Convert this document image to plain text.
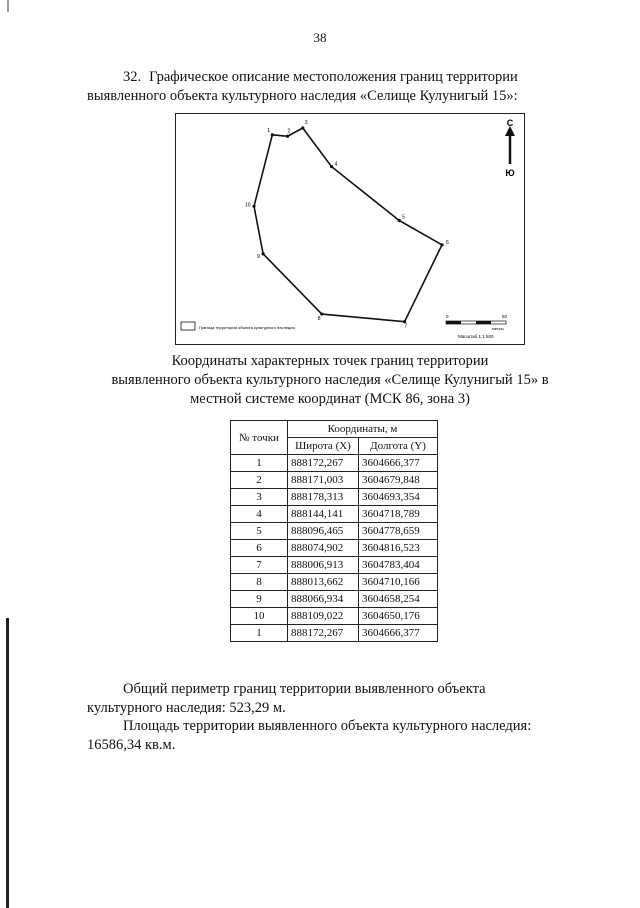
38
32. Графическое описание местоположения границ территории
выявленного объекта культурного наследия «Селище Кулунигый 15»:
1	2
3
4
5
6
7
8
9
10
С
Ю
Граница территории объекта культурного наследия
0	50
метры
Масштаб 1:1 500
Координаты характерных точек границ территории
выявленного объекта культурного наследия «Селище Кулунигый 15» в
местной системе координат (МСК 86, зона 3)
№ точки	Координаты, м	
	Широта (X)	Долгота (Y)
1	888172,267	3604666,377
2	888171,003	3604679,848
3	888178,313	3604693,354
4	888144,141	3604718,789
5	888096,465	3604778,659
6	888074,902	3604816,523
7	888006,913	3604783,404
8	888013,662	3604710,166
9	888066,934	3604658,254
10	888109,022	3604650,176
1	888172,267	3604666,377
Общий периметр границ территории выявленного объекта
культурного наследия: 523,29 м.
Площадь территории выявленного объекта культурного наследия:
16586,34 кв.м.
